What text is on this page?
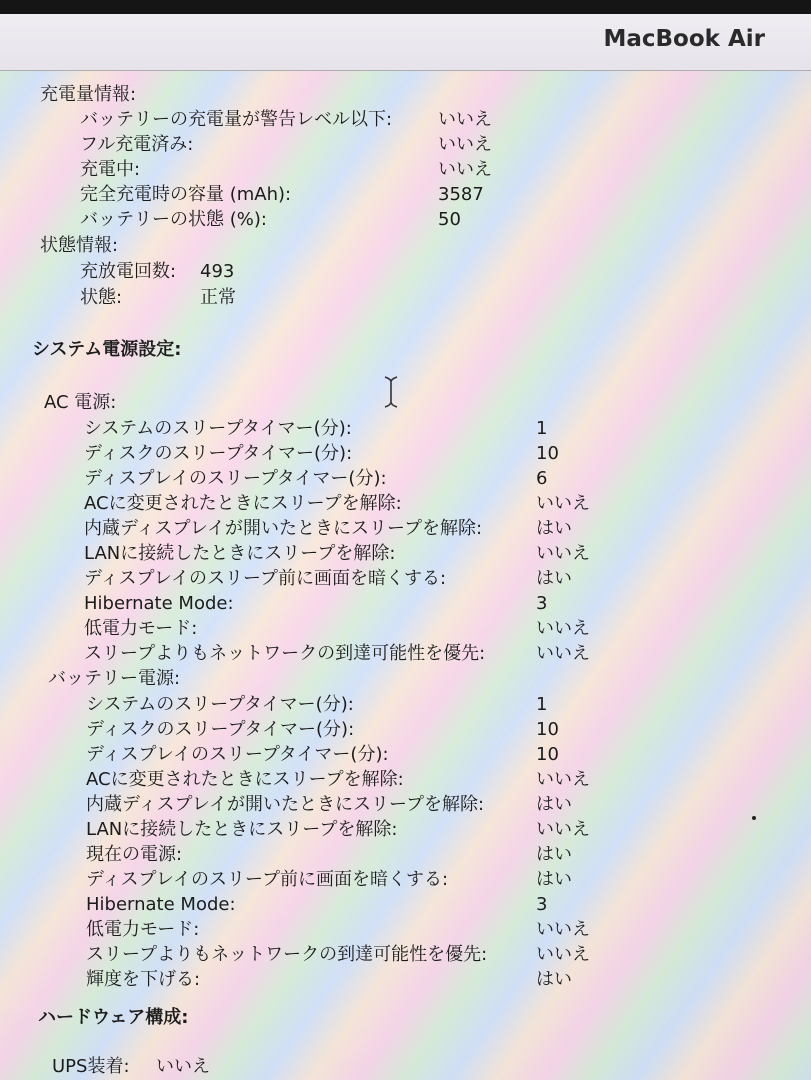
MacBook Air
充電量情報:
バッテリーの充電量が警告レベル以下:	いいえ
フル充電済み:	いいえ
充電中:	いいえ
完全充電時の容量 (mAh):	3587
バッテリーの状態 (%):	50
状態情報:
充放電回数: 493
状態:	正常
システム電源設定:
AC 電源:
システムのスリープタイマー(分):	1
ディスクのスリープタイマー(分):	10
ディスプレイのスリープタイマー(分):	6
ACに変更されたときにスリープを解除:	いいえ
内蔵ディスプレイが開いたときにスリープを解除:	はい
LANに接続したときにスリープを解除:	いいえ
ディスプレイのスリープ前に画面を暗くする:	はい
Hibernate Mode:	3
低電力モード:	いいえ
スリープよりもネットワークの到達可能性を優先:	いいえ
バッテリー電源:
システムのスリープタイマー(分):	1
ディスクのスリープタイマー(分):	10
ディスプレイのスリープタイマー(分):	10
ACに変更されたときにスリープを解除:	いいえ
内蔵ディスプレイが開いたときにスリープを解除:	はい
LANに接続したときにスリープを解除:	いいえ
現在の電源:	はい
ディスプレイのスリープ前に画面を暗くする:	はい
Hibernate Mode:	3
低電力モード:	いいえ
スリープよりもネットワークの到達可能性を優先:	いいえ
輝度を下げる:	はい
ハードウェア構成:
UPS装着: いいえ
